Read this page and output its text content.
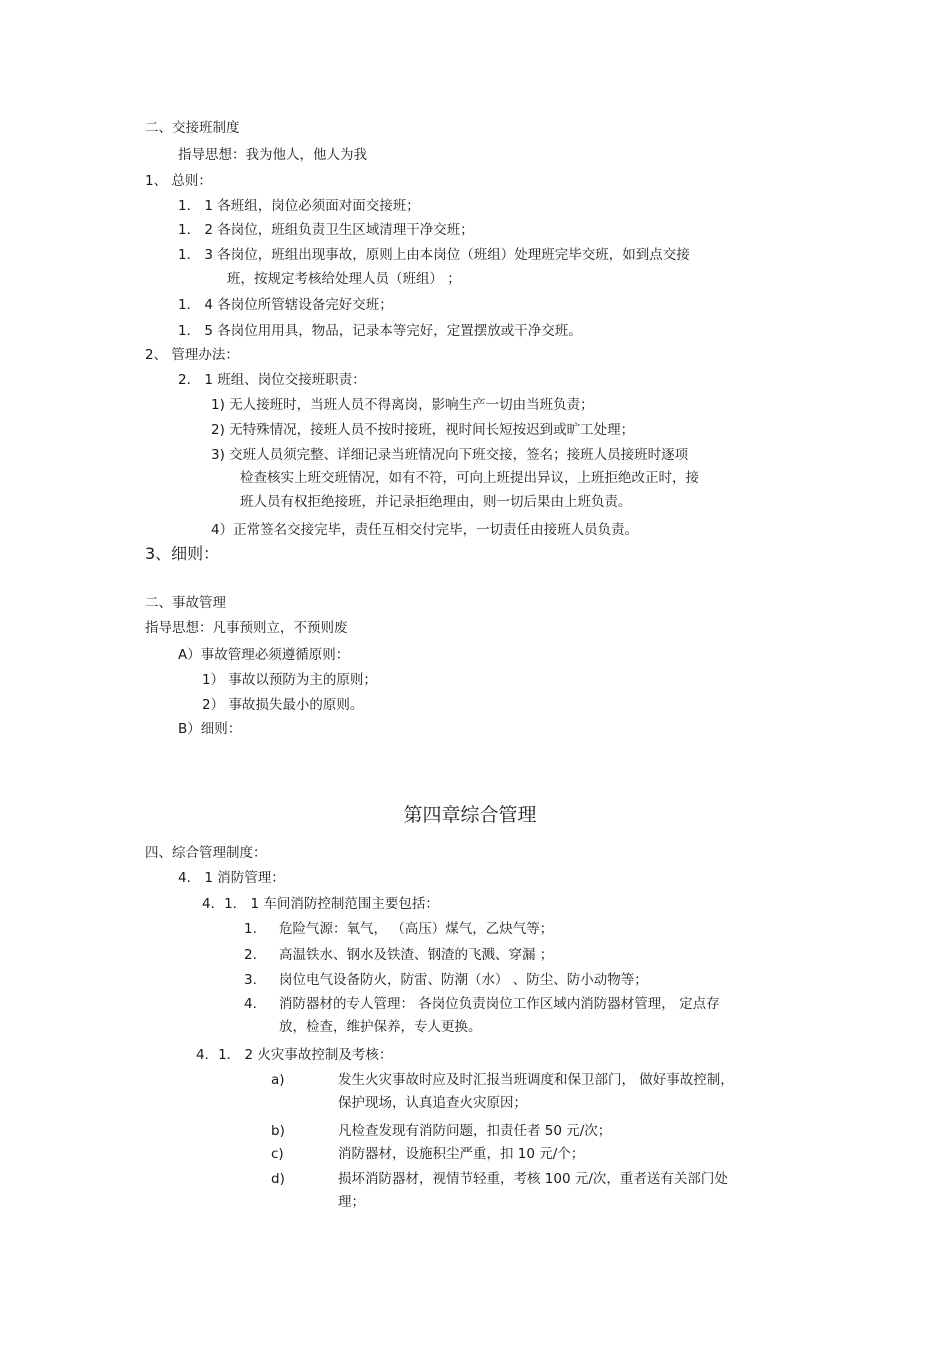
二、交接班制度
指导思想：我为他人，他人为我
1、 总则：
1． 1 各班组，岗位必须面对面交接班；
1． 2 各岗位，班组负责卫生区域清理干净交班；
1． 3 各岗位，班组出现事故，原则上由本岗位（班组）处理班完毕交班，如到点交接
班，按规定考核给处理人员（班组） ；
1． 4 各岗位所管辖设备完好交班；
1． 5 各岗位用用具，物品，记录本等完好，定置摆放或干净交班。
2、 管理办法：
2． 1 班组、岗位交接班职责：
1) 无人接班时，当班人员不得离岗，影响生产一切由当班负责；
2) 无特殊情况，接班人员不按时接班，视时间长短按迟到或旷工处理；
3) 交班人员须完整、详细记录当班情况向下班交接，签名；接班人员接班时逐项
检查核实上班交班情况，如有不符，可向上班提出异议，上班拒绝改正时，接
班人员有权拒绝接班，并记录拒绝理由，则一切后果由上班负责。
4）正常签名交接完毕，责任互相交付完毕，一切责任由接班人员负责。
3、细则：
二、事故管理
指导思想：凡事预则立，不预则废
A）事故管理必须遵循原则：
1） 事故以预防为主的原则；
2） 事故损失最小的原则。
B）细则：
第四章综合管理
四、综合管理制度：
4． 1 消防管理：
4．1． 1 车间消防控制范围主要包括：
1. 危险气源：氧气， （高压）煤气，乙炔气等；
2. 高温铁水、钢水及铁渣、钢渣的飞溅、穿漏 ；
3. 岗位电气设备防火，防雷、防潮（水） 、防尘、防小动物等；
4. 消防器材的专人管理： 各岗位负责岗位工作区域内消防器材管理， 定点存
放，检查，维护保养，专人更换。
4．1． 2 火灾事故控制及考核：
a)	发生火灾事故时应及时汇报当班调度和保卫部门， 做好事故控制，
保护现场，认真追查火灾原因；
b)	凡检查发现有消防问题，扣责任者 50 元/次；
c)	消防器材，设施积尘严重，扣 10 元/个；
d)	损坏消防器材，视情节轻重，考核 100 元/次，重者送有关部门处
理；
